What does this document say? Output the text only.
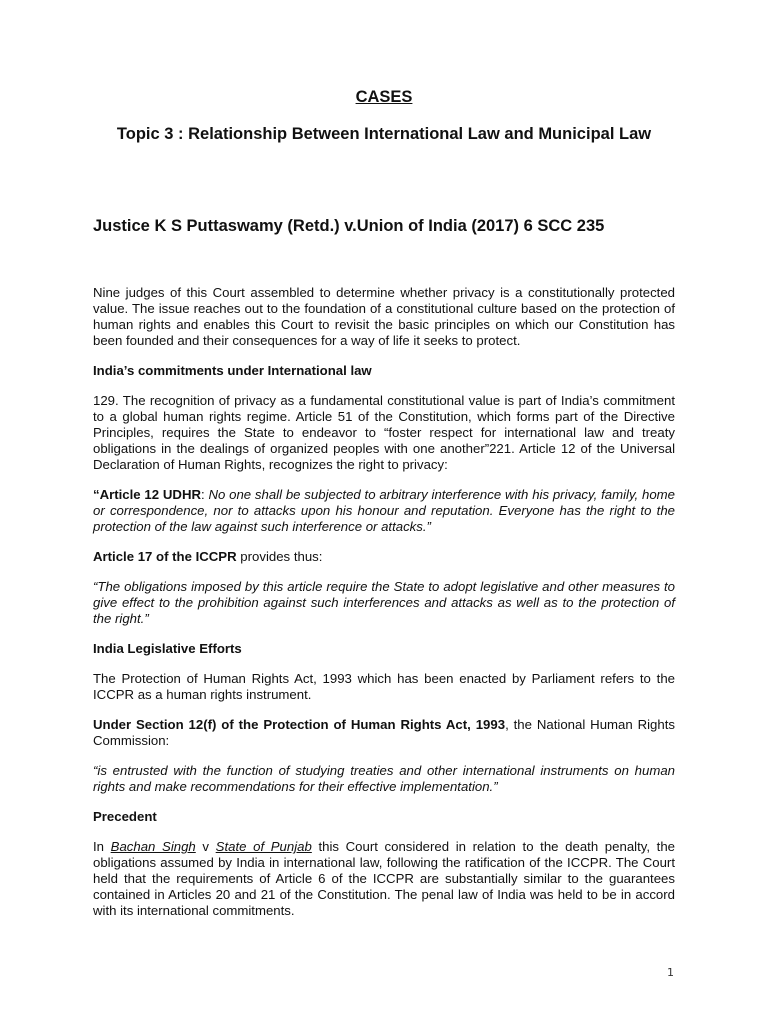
CASES
Topic 3 : Relationship Between International Law and Municipal Law
Justice K S Puttaswamy (Retd.) v.Union of India (2017) 6 SCC 235

Nine judges of this Court assembled to determine whether privacy is a constitutionally protected value. The issue reaches out to the foundation of a constitutional culture based on the protection of human rights and enables this Court to revisit the basic principles on which our Constitution has been founded and their consequences for a way of life it seeks to protect.

India’s commitments under International law

129. The recognition of privacy as a fundamental constitutional value is part of India’s commitment to a global human rights regime. Article 51 of the Constitution, which forms part of the Directive Principles, requires the State to endeavor to “foster respect for international law and treaty obligations in the dealings of organized peoples with one another”221. Article 12 of the Universal Declaration of Human Rights, recognizes the right to privacy:

“Article 12 UDHR: No one shall be subjected to arbitrary interference with his privacy, family, home or correspondence, nor to attacks upon his honour and reputation. Everyone has the right to the protection of the law against such interference or attacks.”

Article 17 of the ICCPR provides thus:

“The obligations imposed by this article require the State to adopt legislative and other measures to give effect to the prohibition against such interferences and attacks as well as to the protection of the right.”

India Legislative Efforts

The Protection of Human Rights Act, 1993 which has been enacted by Parliament refers to the ICCPR as a human rights instrument.

Under Section 12(f) of the Protection of Human Rights Act, 1993, the National Human Rights Commission:

“is entrusted with the function of studying treaties and other international instruments on human rights and make recommendations for their effective implementation.”

Precedent

In Bachan Singh v State of Punjab this Court considered in relation to the death penalty, the obligations assumed by India in international law, following the ratification of the ICCPR. The Court held that the requirements of Article 6 of the ICCPR are substantially similar to the guarantees contained in Articles 20 and 21 of the Constitution. The penal law of India was held to be in accord with its international commitments.

1
